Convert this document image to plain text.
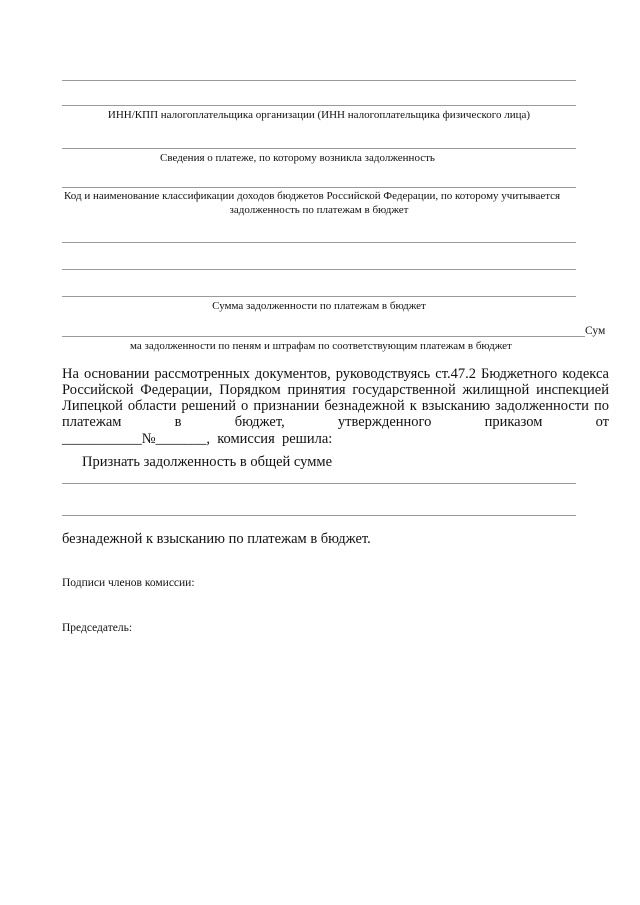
ИНН/КПП налогоплательщика организации (ИНН налогоплательщика физического лица)
Сведения о платеже, по которому возникла задолженность
Код и наименование классификации доходов бюджетов Российской Федерации, по которому учитывается
задолженность по платежам в бюджет
Сумма задолженности по платежам в бюджет
Сум
ма задолженности по пеням и штрафам по соответствующим платежам в бюджет
На основании рассмотренных документов, руководствуясь ст.47.2 Бюджетного кодекса Российской Федерации, Порядком принятия государственной жилищной инспекцией Липецкой области решений о признании безнадежной к взысканию задолженности по платежам в бюджет, утвержденного приказом от
___________№_______,  комиссия  решила:
Признать задолженность в общей сумме
безнадежной к взысканию по платежам в бюджет.
Подписи членов комиссии:
Председатель:
